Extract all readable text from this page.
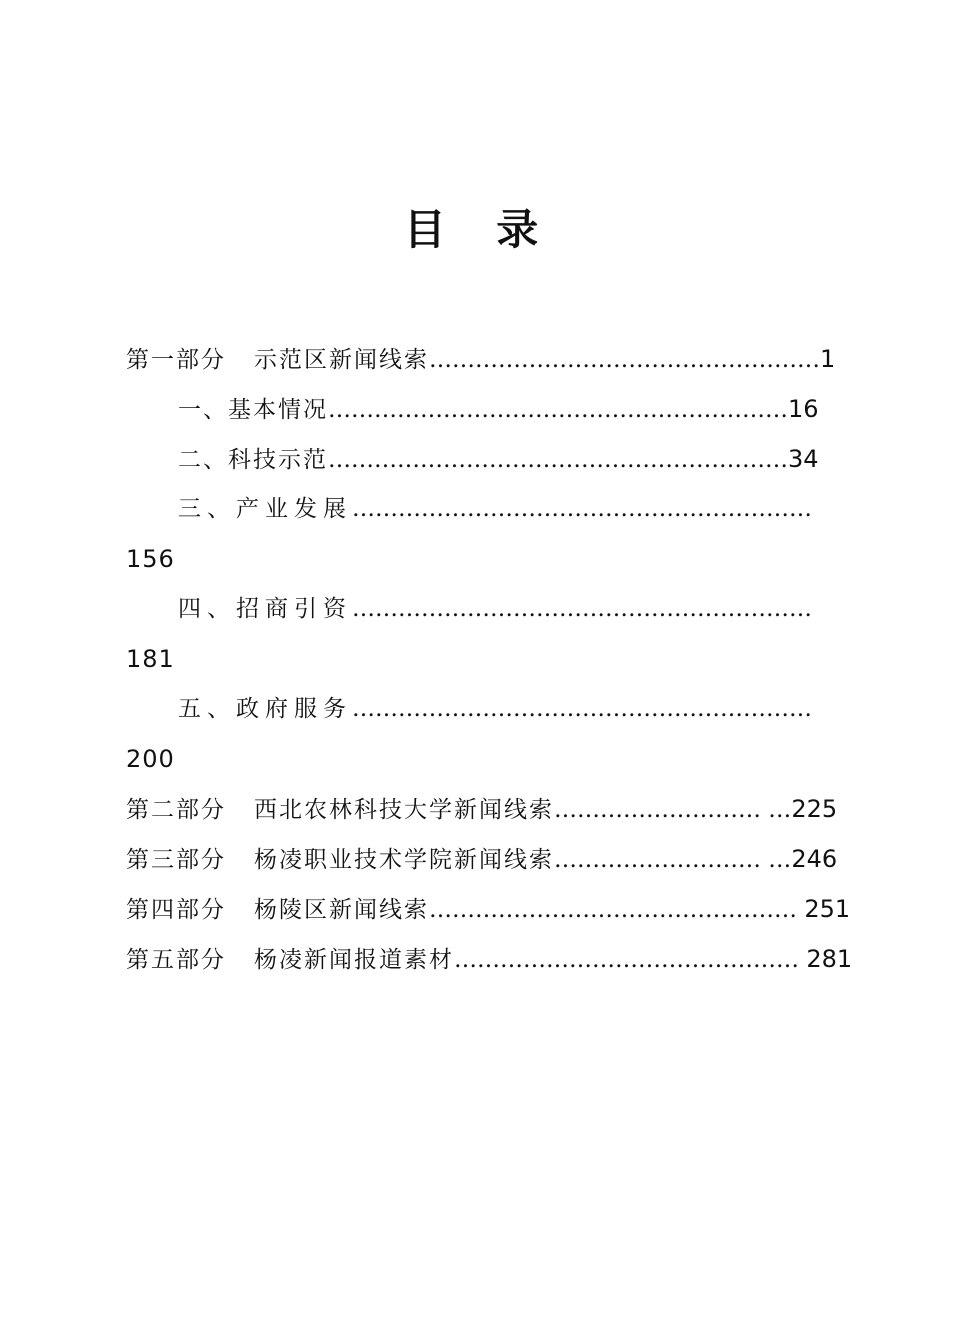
目 录
第一部分 示范区新闻线索……………………………………………1
一、基本情况……………………………………………………16
二、科技示范……………………………………………………34
三、产业发展……………………………………………………
156
四、招商引资……………………………………………………
181
五、政府服务……………………………………………………
200
第二部分 西北农林科技大学新闻线索……………………… …225
第三部分 杨凌职业技术学院新闻线索……………………… …246
第四部分 杨陵区新闻线索………………………………………… 251
第五部分 杨凌新闻报道素材……………………………………… 281
